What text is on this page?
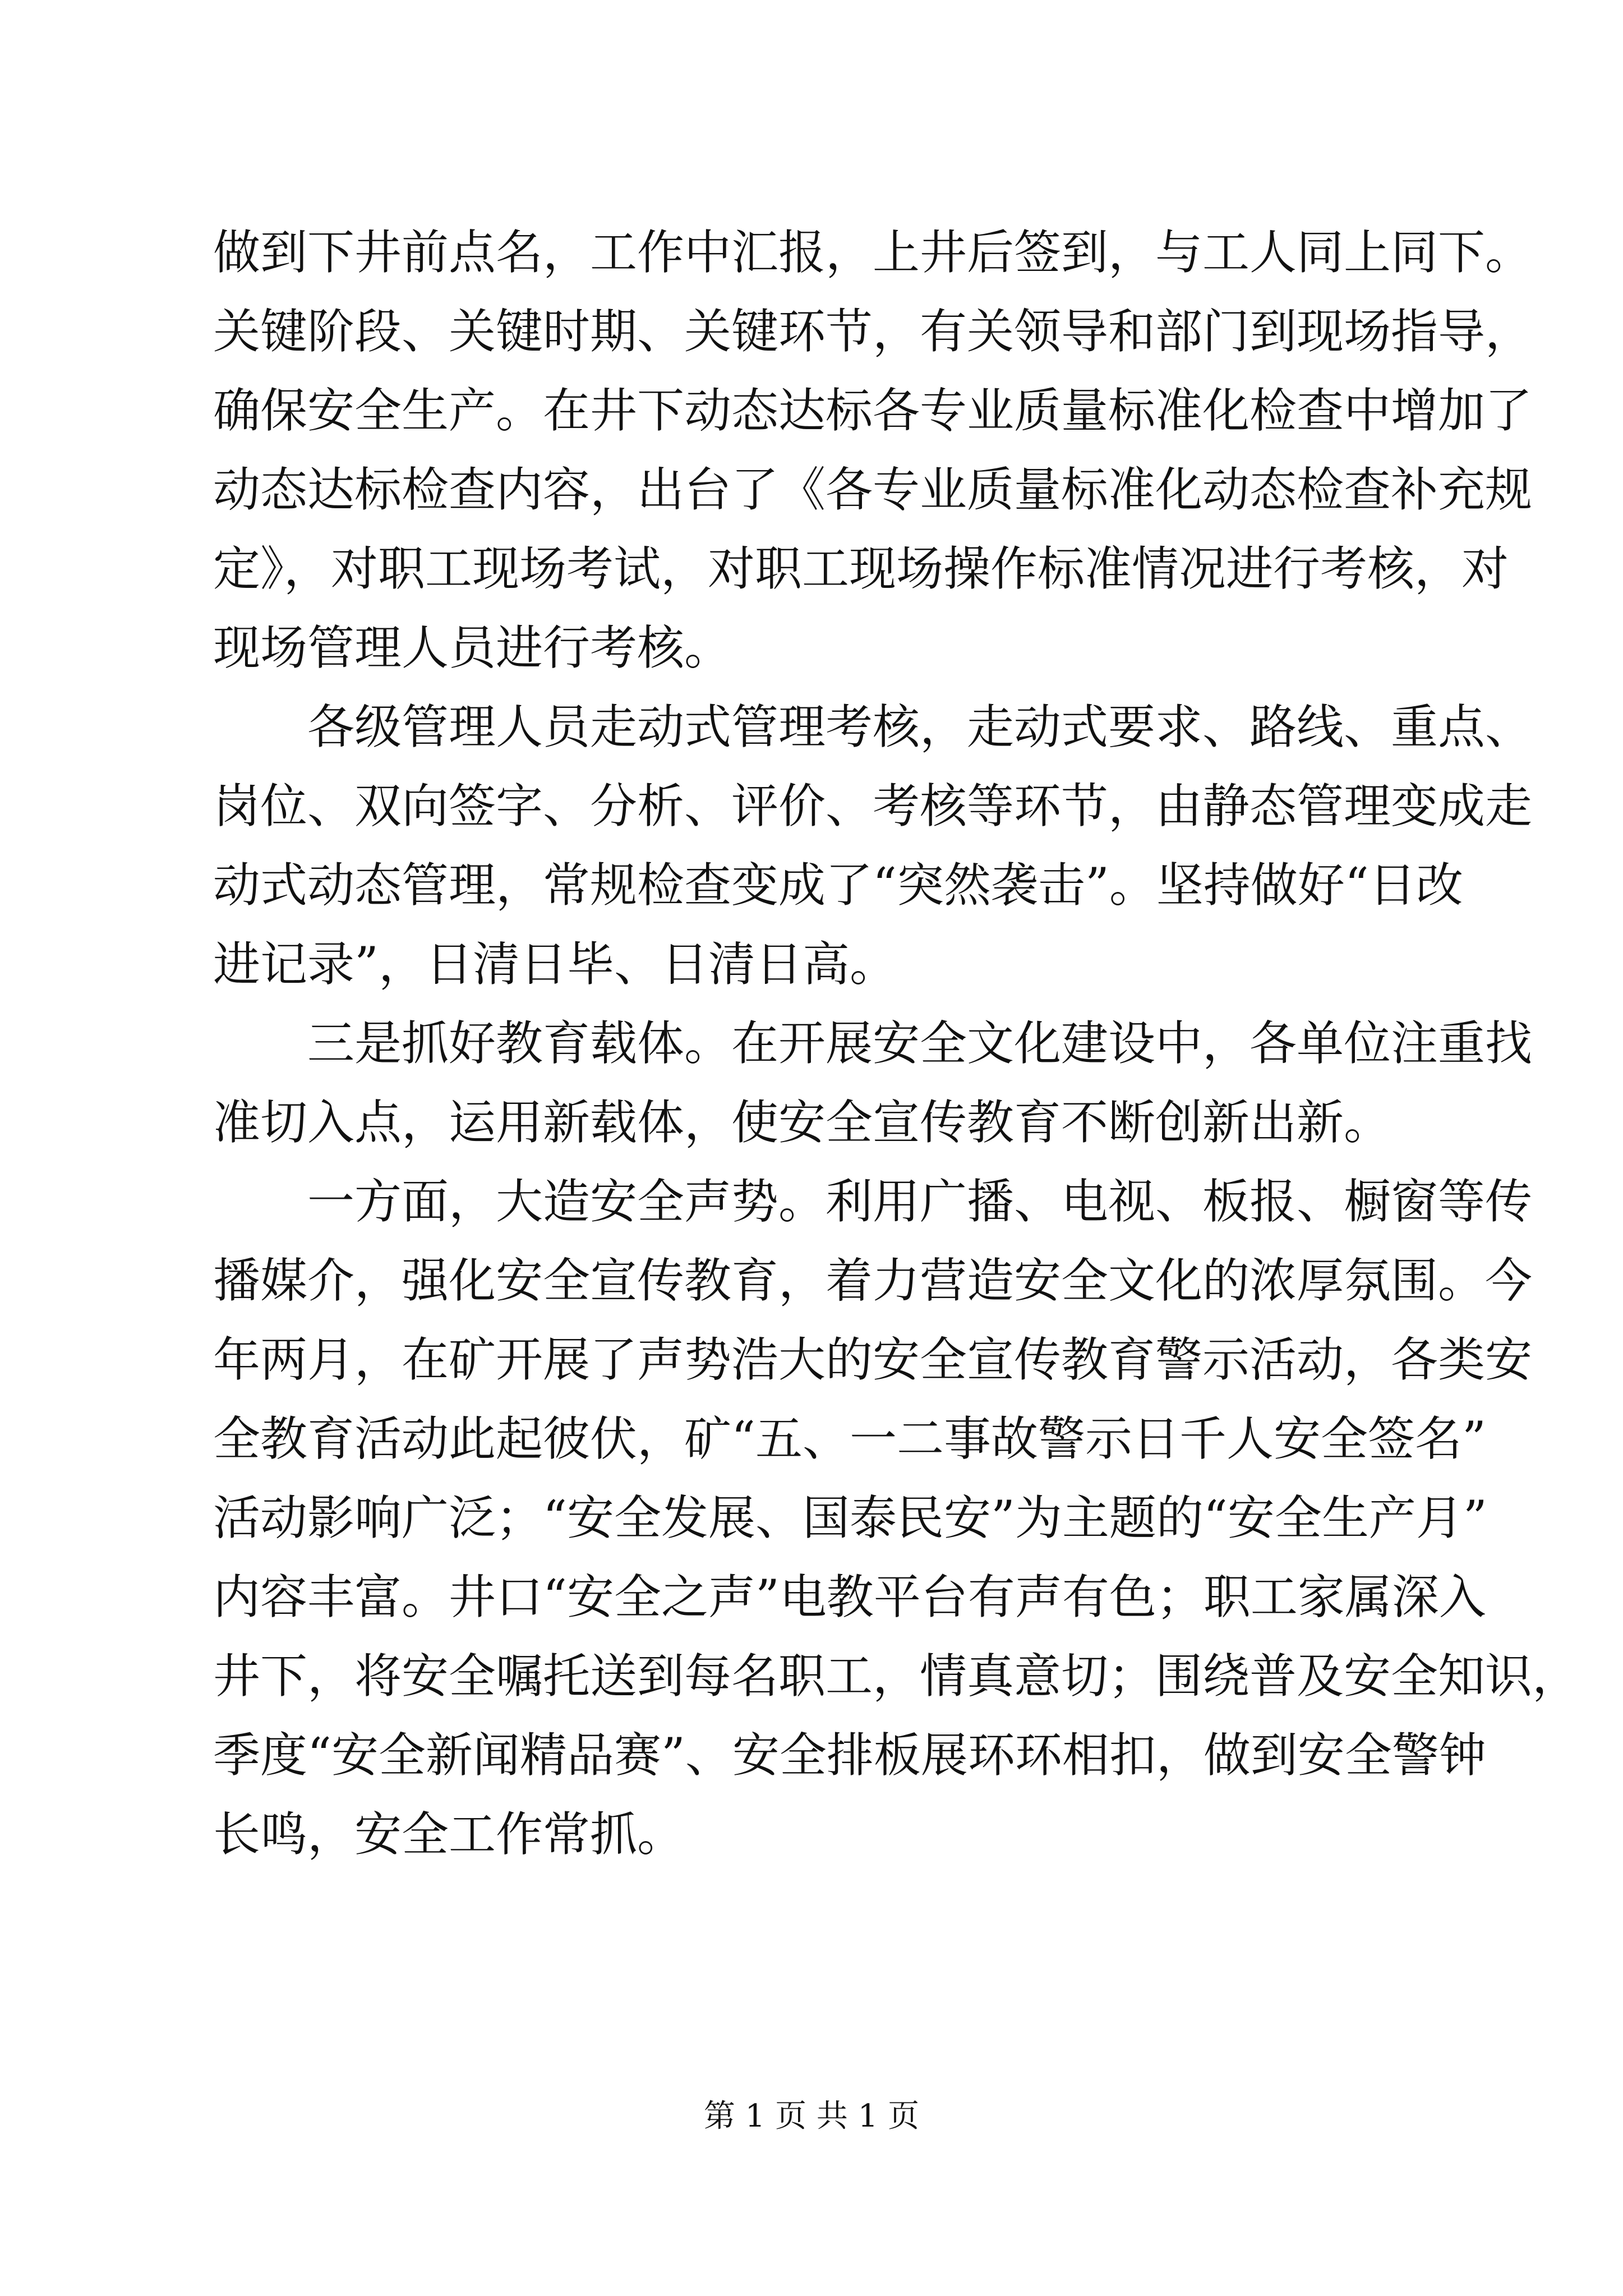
做到下井前点名，工作中汇报，上井后签到，与工人同上同下。
关键阶段、关键时期、关键环节，有关领导和部门到现场指导，
确保安全生产。在井下动态达标各专业质量标准化检查中增加了
动态达标检查内容，出台了《各专业质量标准化动态检查补充规
定》，对职工现场考试，对职工现场操作标准情况进行考核，对
现场管理人员进行考核。
各级管理人员走动式管理考核，走动式要求、路线、重点、
岗位、双向签字、分析、评价、考核等环节，由静态管理变成走
动式动态管理，常规检查变成了“突然袭击”。坚持做好“日改
进记录”，日清日毕、日清日高。
三是抓好教育载体。在开展安全文化建设中，各单位注重找
准切入点，运用新载体，使安全宣传教育不断创新出新。
一方面，大造安全声势。利用广播、电视、板报、橱窗等传
播媒介，强化安全宣传教育，着力营造安全文化的浓厚氛围。今
年两月，在矿开展了声势浩大的安全宣传教育警示活动，各类安
全教育活动此起彼伏，矿“五、一二事故警示日千人安全签名”
活动影响广泛；“安全发展、国泰民安”为主题的“安全生产月”
内容丰富。井口“安全之声”电教平台有声有色；职工家属深入
井下，将安全嘱托送到每名职工，情真意切；围绕普及安全知识，
季度“安全新闻精品赛”、安全排板展环环相扣，做到安全警钟
长鸣，安全工作常抓。
第 1 页 共 1 页
